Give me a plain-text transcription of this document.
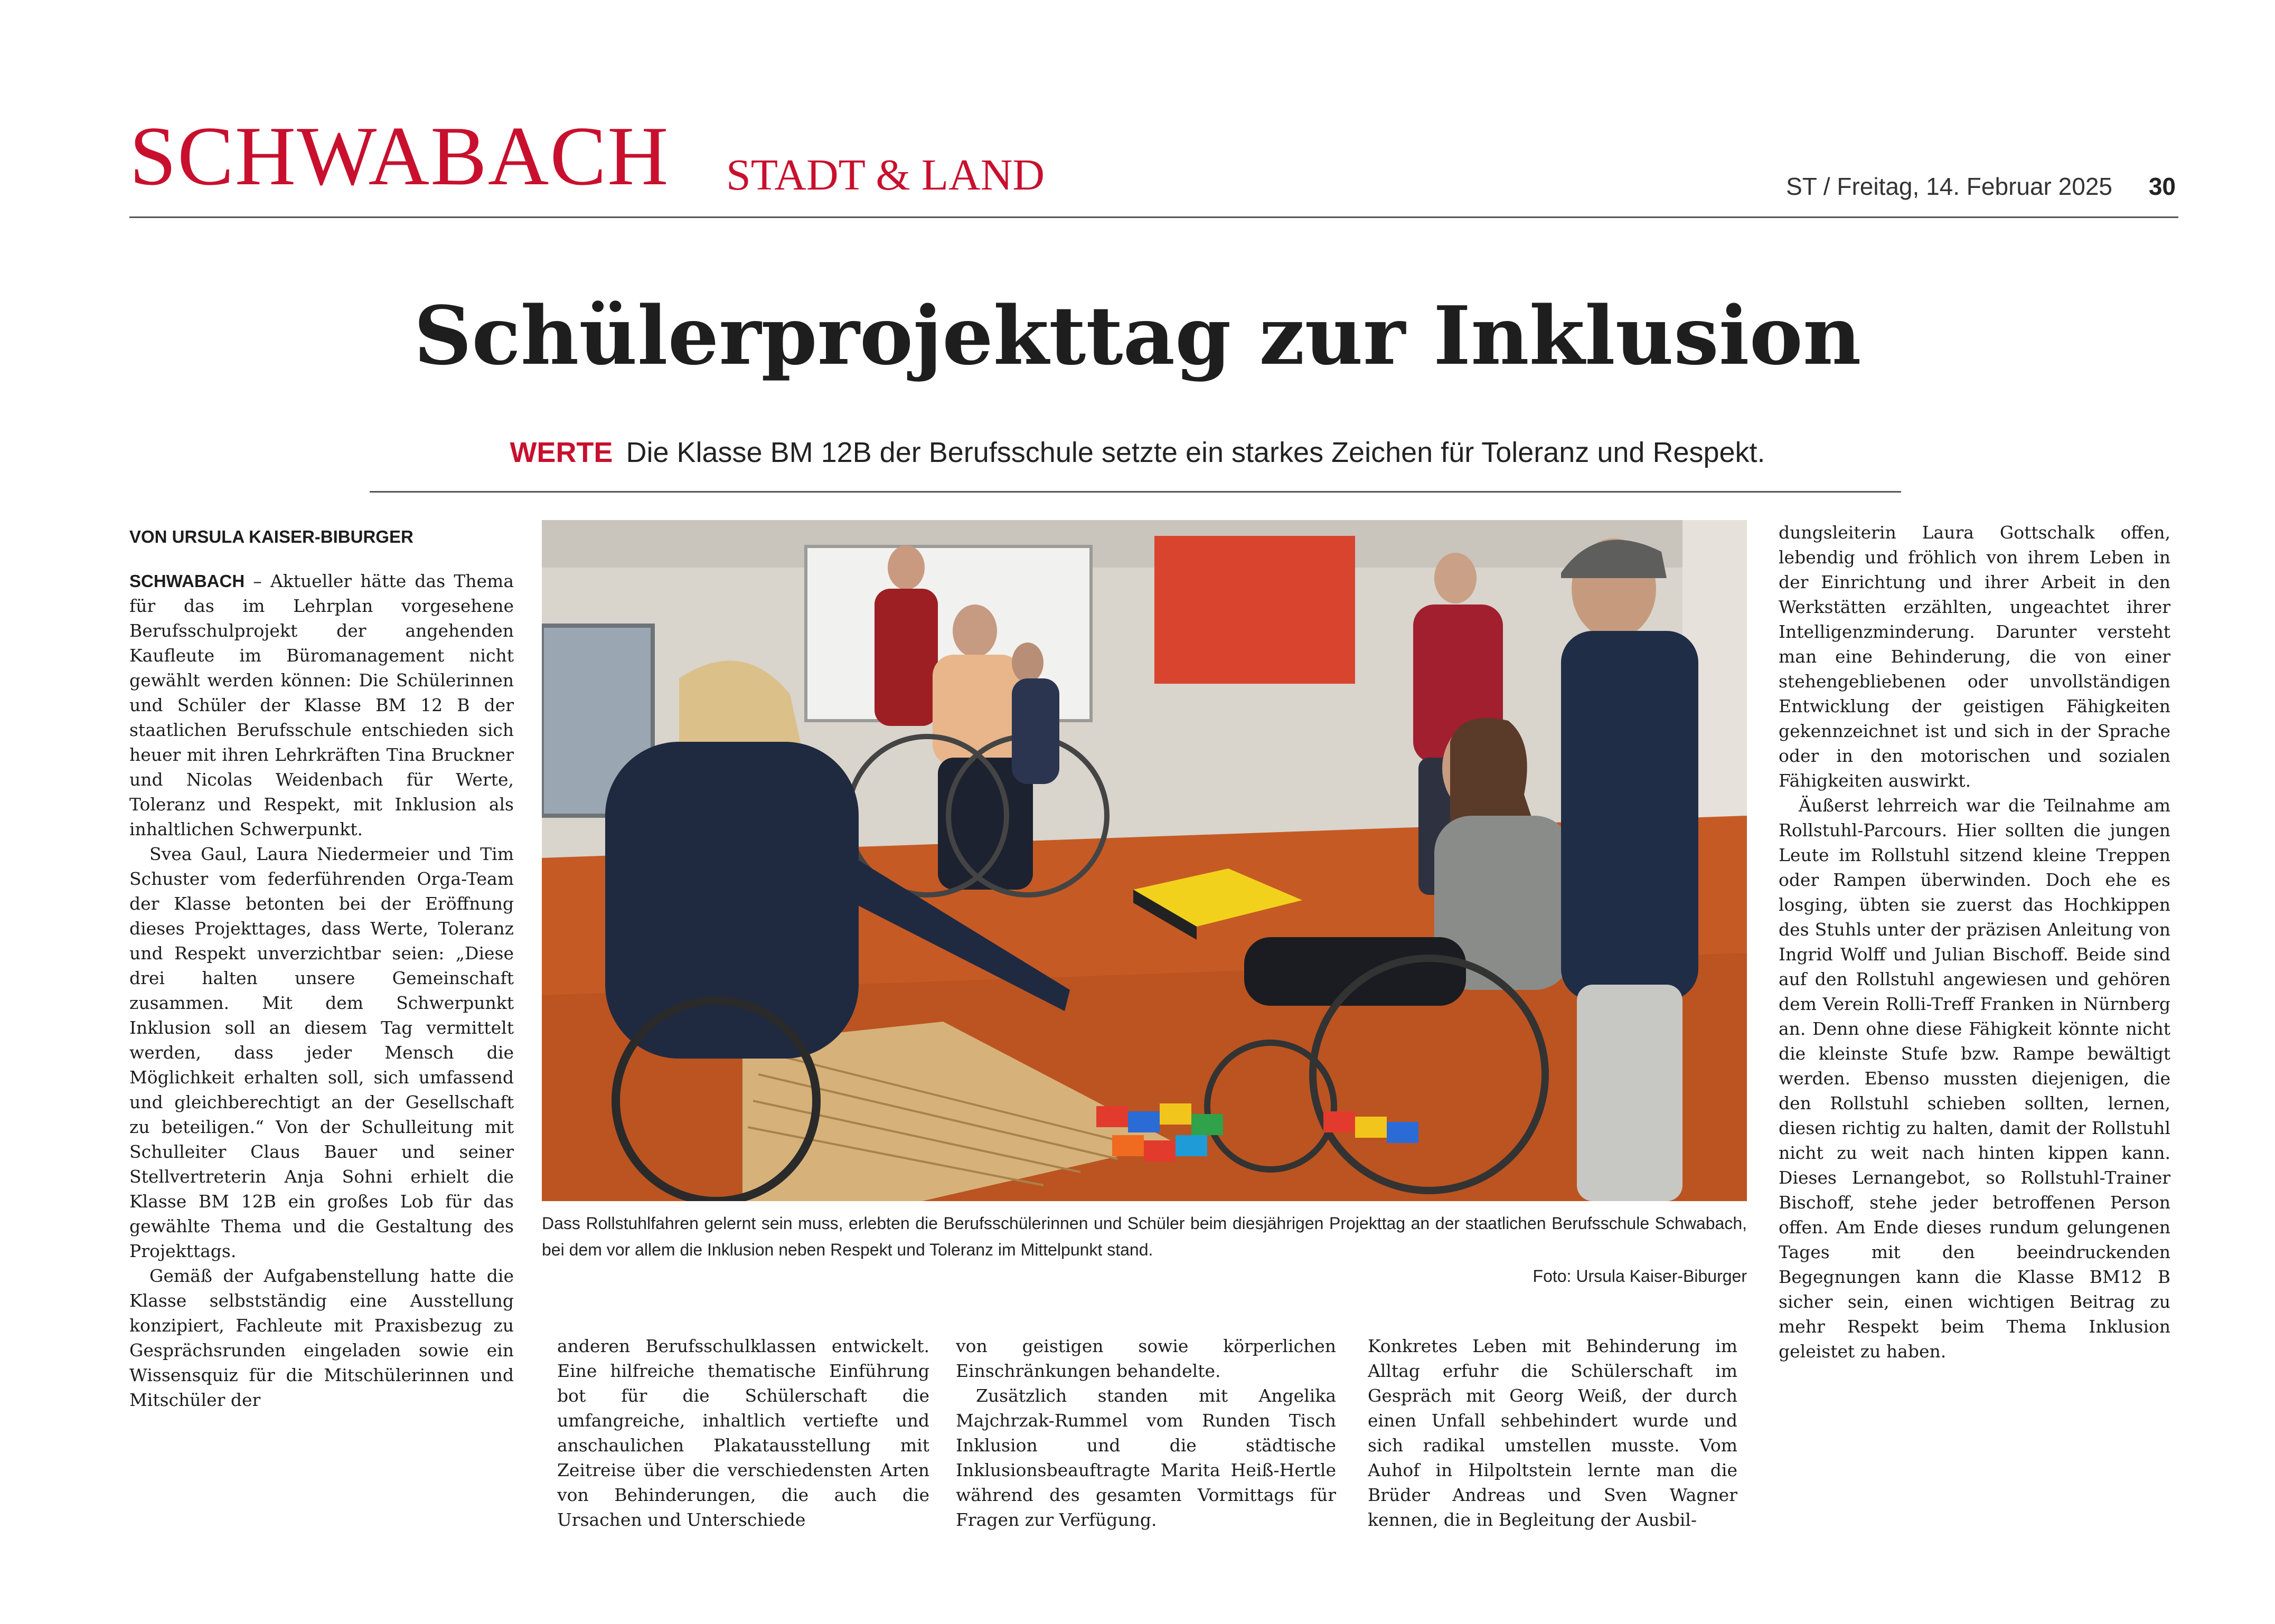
SCHWABACH STADT & LAND	ST / Freitag, 14. Februar 2025	30
Schülerprojekttag zur Inklusion
WERTE Die Klasse BM 12B der Berufsschule setzte ein starkes Zeichen für Toleranz und Respekt.
VON URSULA KAISER-BIBURGER

SCHWABACH – Aktueller hätte das Thema für das im Lehrplan vorgesehene Berufsschulprojekt der angehenden Kaufleute im Büromanagement nicht gewählt werden können: Die Schülerinnen und Schüler der Klasse BM 12 B der staatlichen Berufsschule entschieden sich heuer mit ihren Lehrkräften Tina Bruckner und Nicolas Weidenbach für Werte, Toleranz und Respekt, mit Inklusion als inhaltlichen Schwerpunkt.

Svea Gaul, Laura Niedermeier und Tim Schuster vom federführenden Orga-Team der Klasse betonten bei der Eröffnung dieses Projekttages, dass Werte, Toleranz und Respekt unverzichtbar seien: „Diese drei halten unsere Gemeinschaft zusammen. Mit dem Schwerpunkt Inklusion soll an diesem Tag vermittelt werden, dass jeder Mensch die Möglichkeit erhalten soll, sich umfassend und gleichberechtigt an der Gesellschaft zu beteiligen.“ Von der Schulleitung mit Schulleiter Claus Bauer und seiner Stellvertreterin Anja Sohni erhielt die Klasse BM 12B ein großes Lob für das gewählte Thema und die Gestaltung des Projekttags.

Gemäß der Aufgabenstellung hatte die Klasse selbstständig eine Ausstellung konzipiert, Fachleute mit Praxisbezug zu Gesprächsrunden eingeladen sowie ein Wissensquiz für die Mitschülerinnen und Mitschüler der

Dass Rollstuhlfahren gelernt sein muss, erlebten die Berufsschülerinnen und Schüler beim diesjährigen Projekttag an der staatlichen Berufsschule Schwabach, bei dem vor allem die Inklusion neben Respekt und Toleranz im Mittelpunkt stand.
Foto: Ursula Kaiser-Biburger

anderen Berufsschulklassen entwickelt. Eine hilfreiche thematische Einführung bot für die Schülerschaft die umfangreiche, inhaltlich vertiefte und anschaulichen Plakatausstellung mit Zeitreise über die verschiedensten Arten von Behinderungen, die auch die Ursachen und Unterschiede

von geistigen sowie körperlichen Einschränkungen behandelte.

Zusätzlich standen mit Angelika Majchrzak-Rummel vom Runden Tisch Inklusion und die städtische Inklusionsbeauftragte Marita Heiß-Hertle während des gesamten Vormittags für Fragen zur Verfügung.

Konkretes Leben mit Behinderung im Alltag erfuhr die Schülerschaft im Gespräch mit Georg Weiß, der durch einen Unfall sehbehindert wurde und sich radikal umstellen musste. Vom Auhof in Hilpoltstein lernte man die Brüder Andreas und Sven Wagner kennen, die in Begleitung der Ausbil-

dungsleiterin Laura Gottschalk offen, lebendig und fröhlich von ihrem Leben in der Einrichtung und ihrer Arbeit in den Werkstätten erzählten, ungeachtet ihrer Intelligenzminderung. Darunter versteht man eine Behinderung, die von einer stehengebliebenen oder unvollständigen Entwicklung der geistigen Fähigkeiten gekennzeichnet ist und sich in der Sprache oder in den motorischen und sozialen Fähigkeiten auswirkt.

Äußerst lehrreich war die Teilnahme am Rollstuhl-Parcours. Hier sollten die jungen Leute im Rollstuhl sitzend kleine Treppen oder Rampen überwinden. Doch ehe es losging, übten sie zuerst das Hochkippen des Stuhls unter der präzisen Anleitung von Ingrid Wolff und Julian Bischoff. Beide sind auf den Rollstuhl angewiesen und gehören dem Verein Rolli-Treff Franken in Nürnberg an. Denn ohne diese Fähigkeit könnte nicht die kleinste Stufe bzw. Rampe bewältigt werden. Ebenso mussten diejenigen, die den Rollstuhl schieben sollten, lernen, diesen richtig zu halten, damit der Rollstuhl nicht zu weit nach hinten kippen kann. Dieses Lernangebot, so Rollstuhl-Trainer Bischoff, stehe jeder betroffenen Person offen. Am Ende dieses rundum gelungenen Tages mit den beeindruckenden Begegnungen kann die Klasse BM12 B sicher sein, einen wichtigen Beitrag zu mehr Respekt beim Thema Inklusion geleistet zu haben.
